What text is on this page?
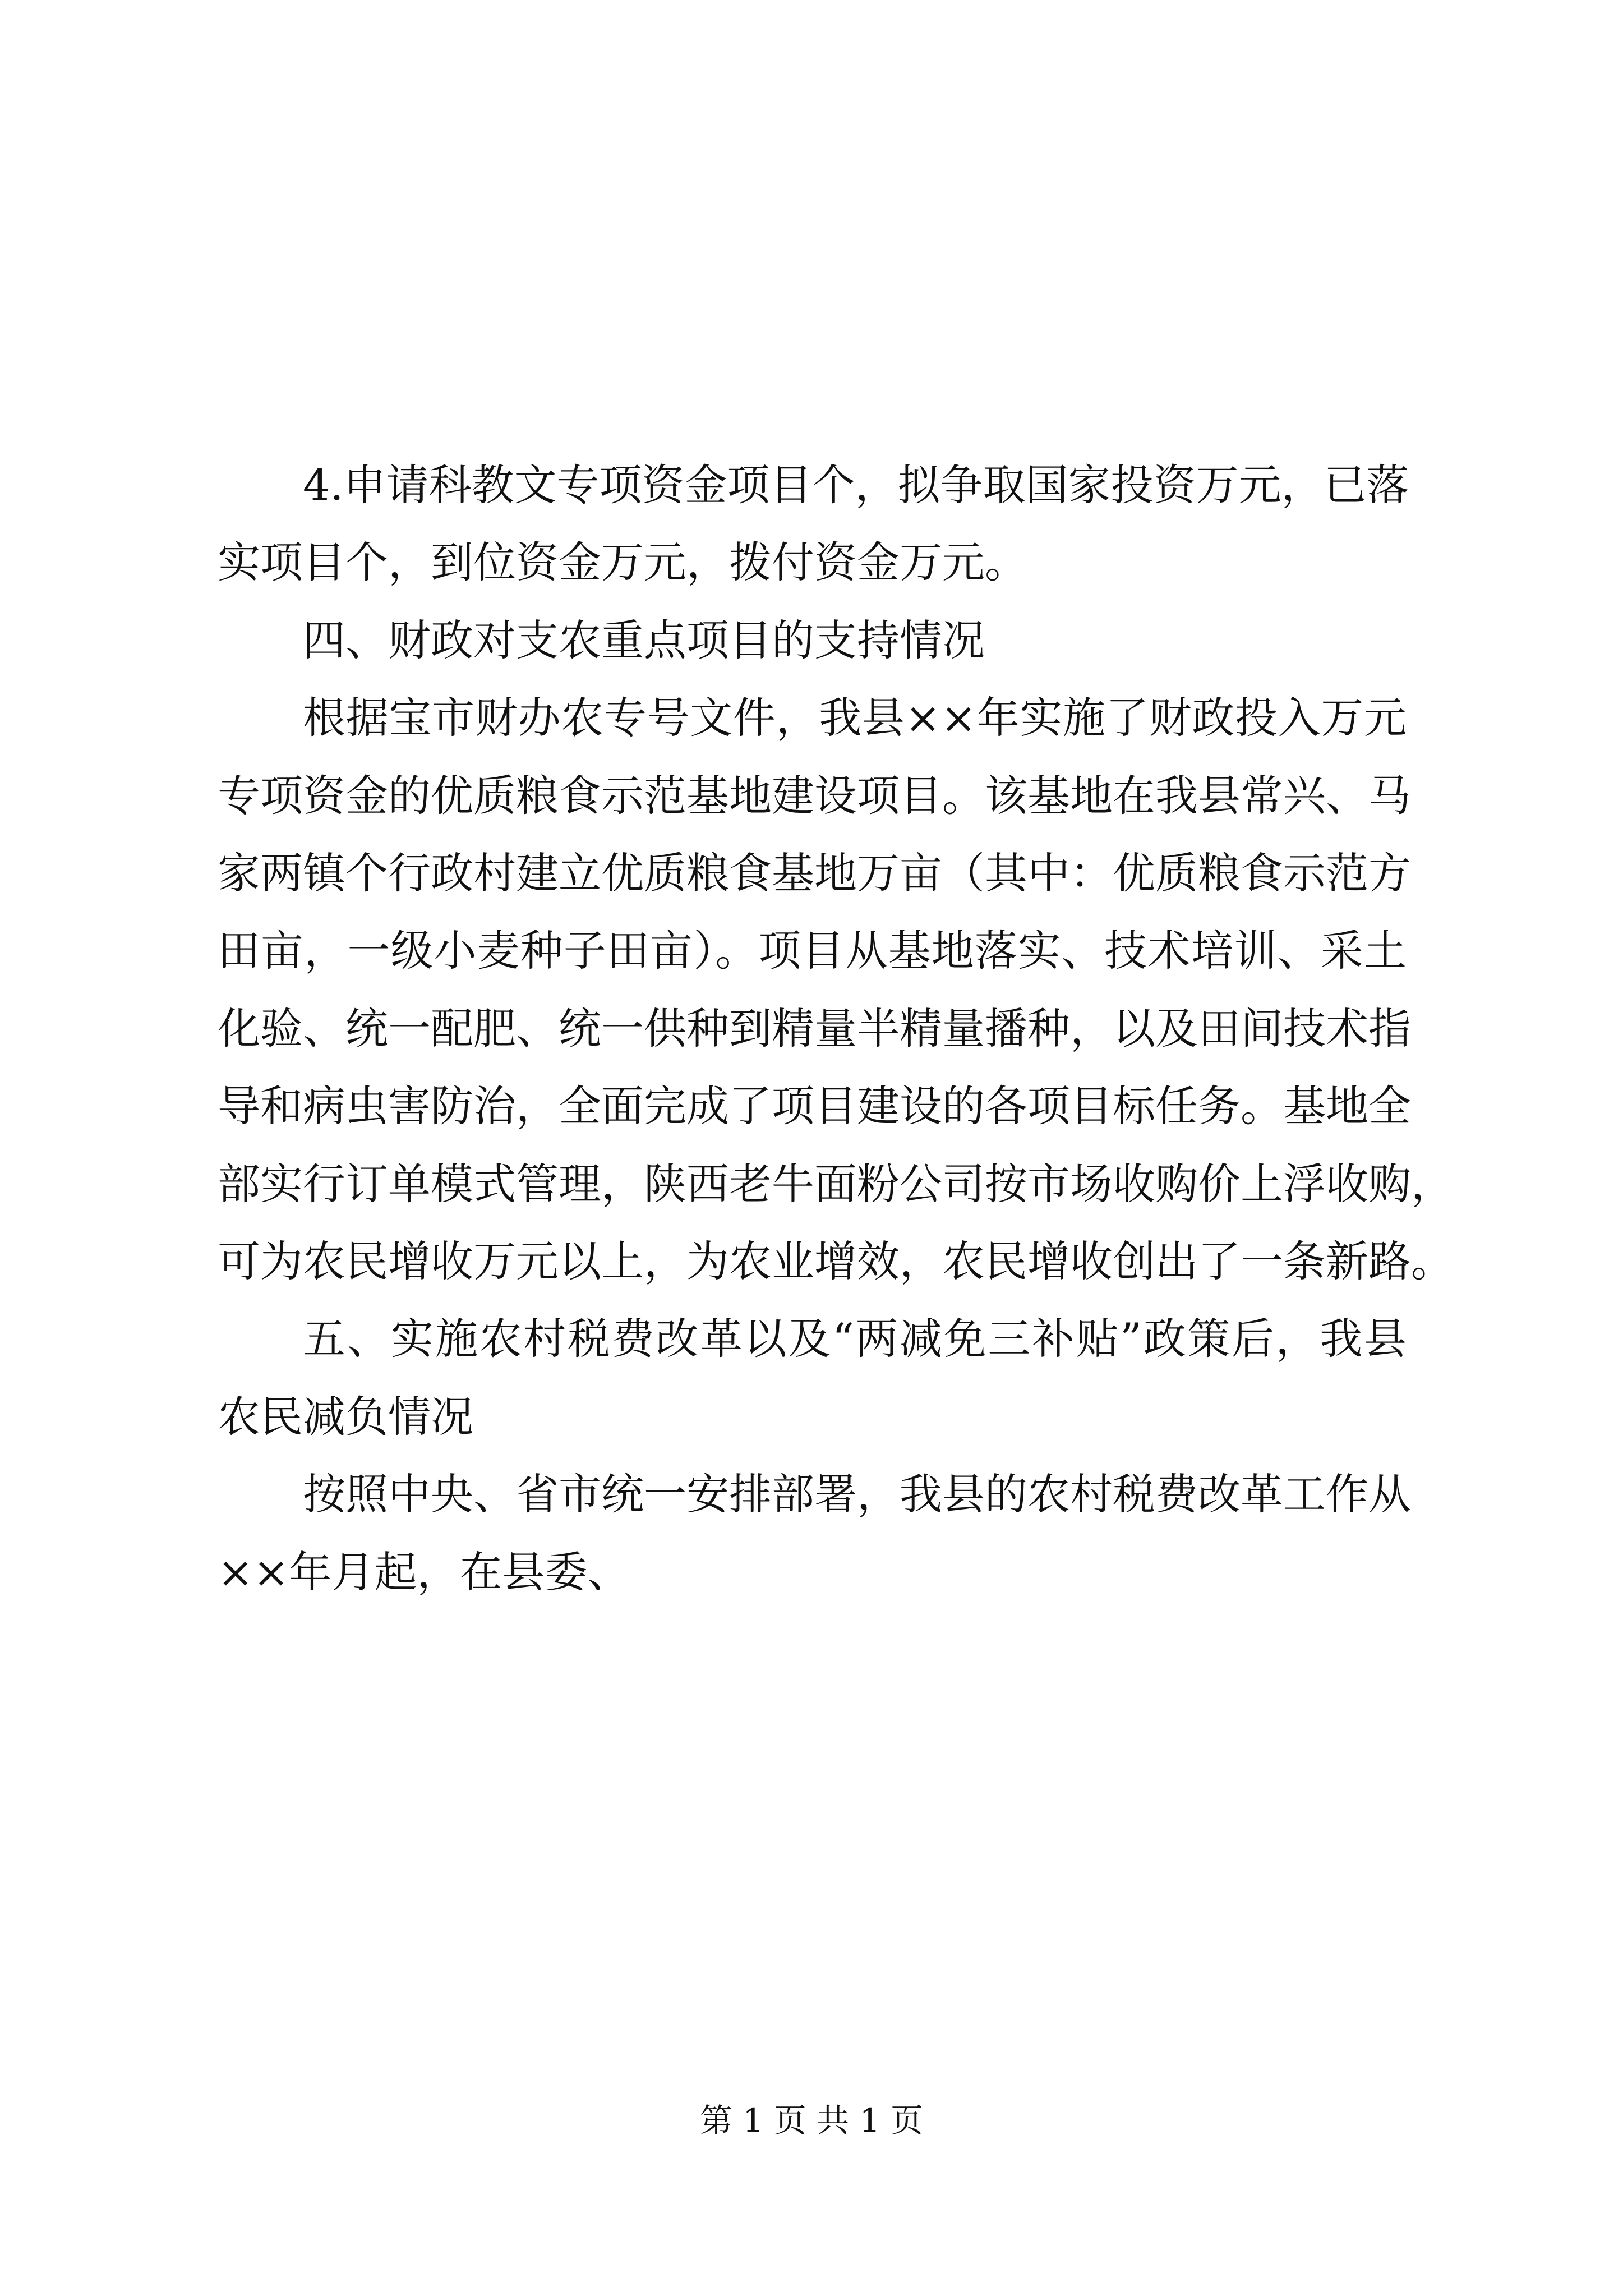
4.申请科教文专项资金项目个，拟争取国家投资万元，已落

实项目个，到位资金万元，拨付资金万元。

四、财政对支农重点项目的支持情况

根据宝市财办农专号文件，我县××年实施了财政投入万元

专项资金的优质粮食示范基地建设项目。该基地在我县常兴、马

家两镇个行政村建立优质粮食基地万亩（其中：优质粮食示范方

田亩，一级小麦种子田亩）。项目从基地落实、技术培训、采土

化验、统一配肥、统一供种到精量半精量播种，以及田间技术指

导和病虫害防治，全面完成了项目建设的各项目标任务。基地全

部实行订单模式管理，陕西老牛面粉公司按市场收购价上浮收购，

可为农民增收万元以上，为农业增效，农民增收创出了一条新路。

五、实施农村税费改革以及“两减免三补贴”政策后，我县

农民减负情况

按照中央、省市统一安排部署，我县的农村税费改革工作从

××年月起，在县委、

第 1 页 共 1 页
